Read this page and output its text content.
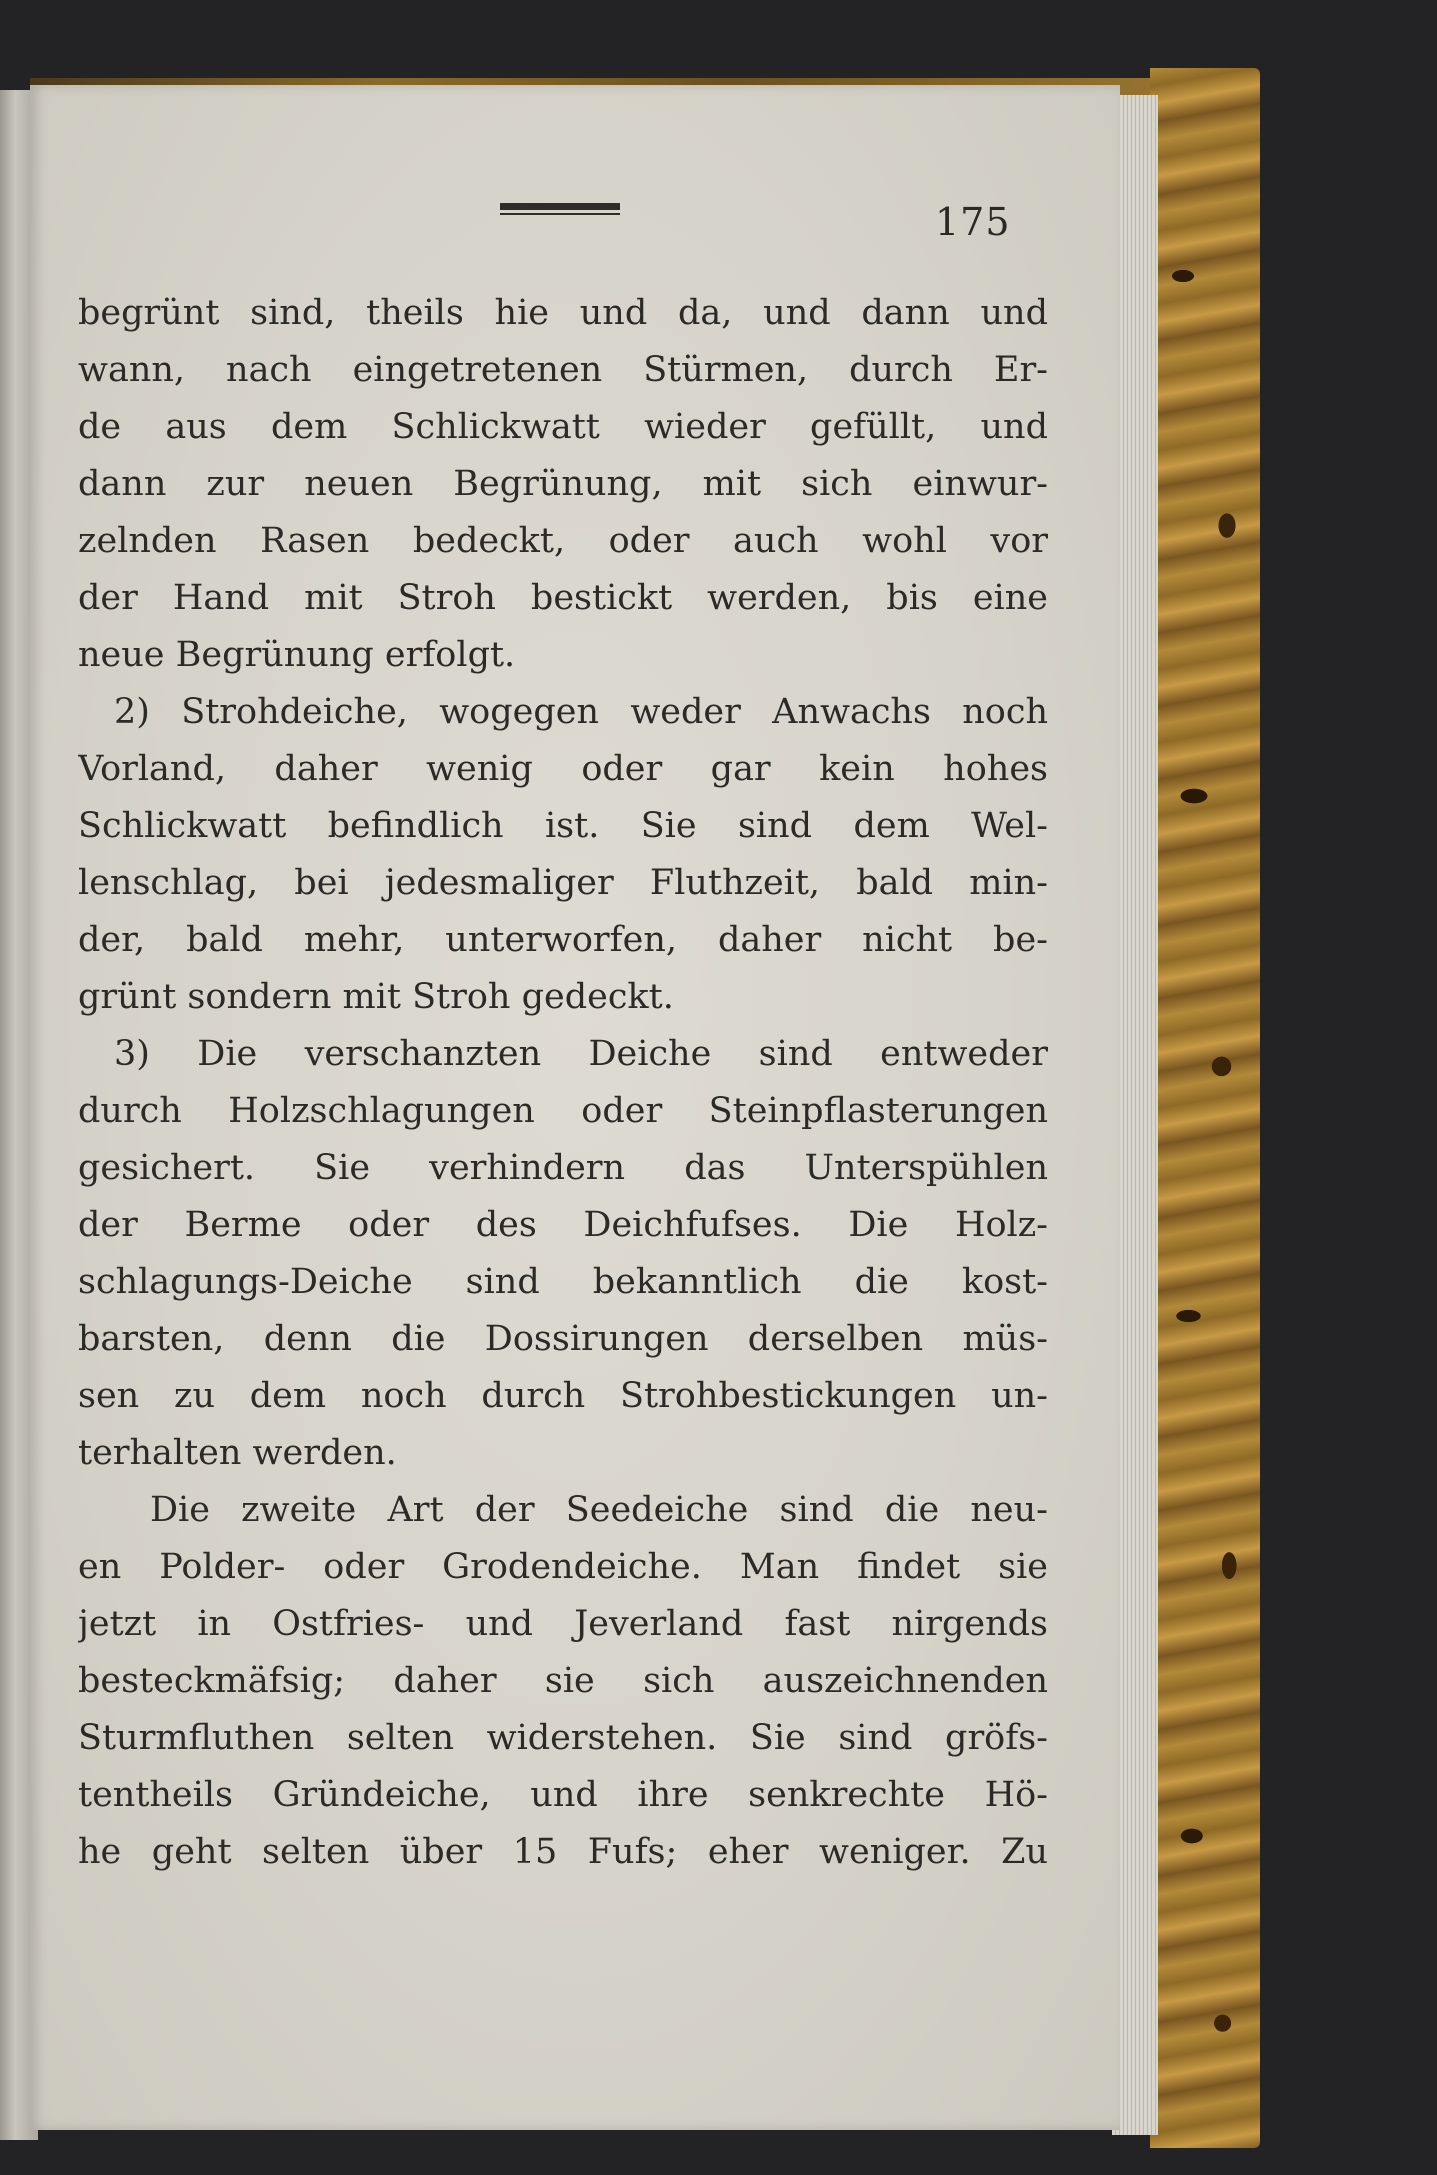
175
begrünt sind, theils hie und da, und dann und
wann, nach eingetretenen Stürmen, durch Er-
de aus dem Schlickwatt wieder gefüllt, und
dann zur neuen Begrünung, mit sich einwur-
zelnden Rasen bedeckt, oder auch wohl vor
der Hand mit Stroh bestickt werden, bis eine
neue Begrünung erfolgt.
2) Strohdeiche, wogegen weder Anwachs noch
Vorland, daher wenig oder gar kein hohes
Schlickwatt befindlich ist. Sie sind dem Wel-
lenschlag, bei jedesmaliger Fluthzeit, bald min-
der, bald mehr, unterworfen, daher nicht be-
grünt sondern mit Stroh gedeckt.
3) Die verschanzten Deiche sind entweder
durch Holzschlagungen oder Steinpflasterungen
gesichert. Sie verhindern das Unterspühlen
der Berme oder des Deichfufses. Die Holz-
schlagungs-Deiche sind bekanntlich die kost-
barsten, denn die Dossirungen derselben müs-
sen zu dem noch durch Strohbestickungen un-
terhalten werden.
Die zweite Art der Seedeiche sind die neu-
en Polder- oder Grodendeiche. Man findet sie
jetzt in Ostfries- und Jeverland fast nirgends
besteckmäfsig; daher sie sich auszeichnenden
Sturmfluthen selten widerstehen. Sie sind gröfs-
tentheils Gründeiche, und ihre senkrechte Hö-
he geht selten über 15 Fufs; eher weniger. Zu
